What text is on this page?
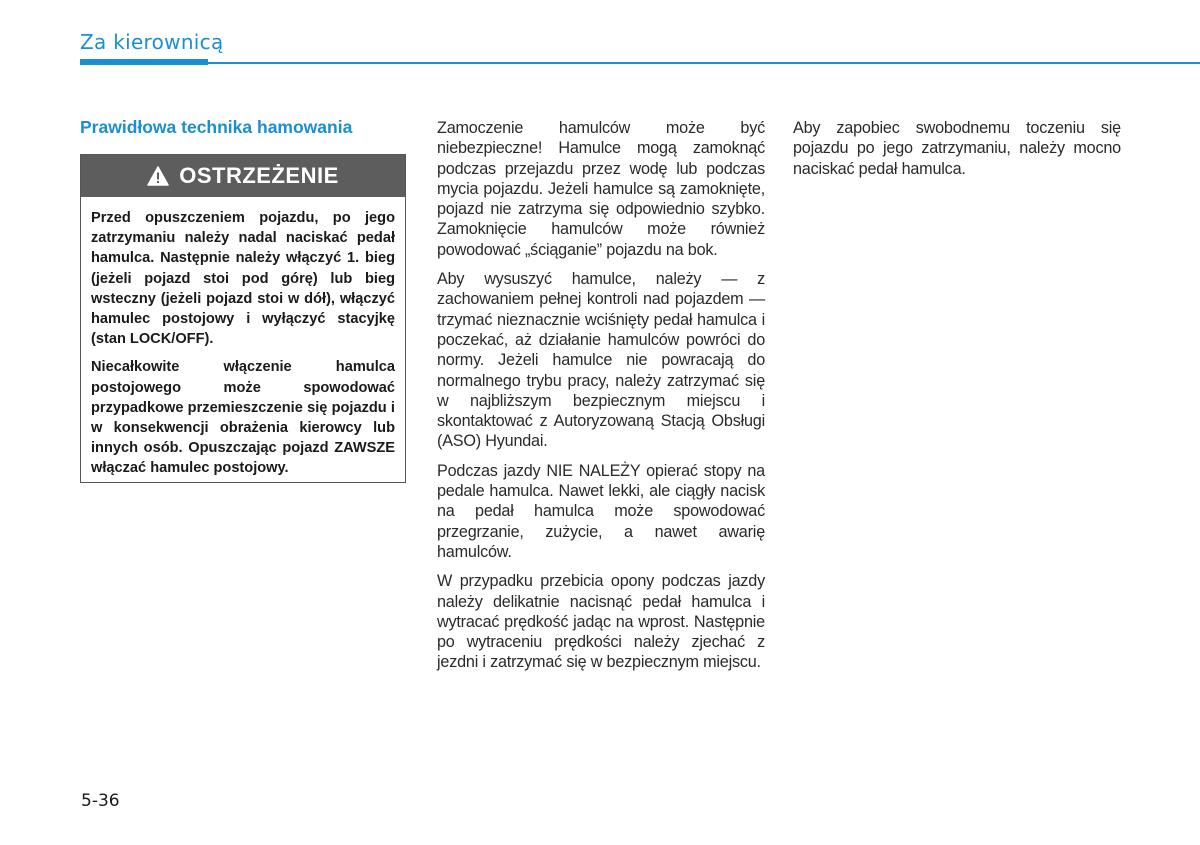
Za kierownicą
Prawidłowa technika hamowania
OSTRZEŻENIE

Przed opuszczeniem pojazdu, po jego zatrzymaniu należy nadal naciskać pedał hamulca. Następnie należy włączyć 1. bieg (jeżeli pojazd stoi pod górę) lub bieg wsteczny (jeżeli pojazd stoi w dół), włączyć hamulec postojowy i wyłączyć stacyjkę (stan LOCK/OFF).

Niecałkowite włączenie hamulca postojowego może spowodować przypadkowe przemieszczenie się pojazdu i w konsekwencji obrażenia kierowcy lub innych osób. Opuszczając pojazd ZAWSZE włączać hamulec postojowy.

Zamoczenie hamulców może być niebezpieczne! Hamulce mogą zamoknąć podczas przejazdu przez wodę lub podczas mycia pojazdu. Jeżeli hamulce są zamoknięte, pojazd nie zatrzyma się odpowiednio szybko. Zamoknięcie hamulców może również powodować „ściąganie” pojazdu na bok.

Aby wysuszyć hamulce, należy — z zachowaniem pełnej kontroli nad pojazdem — trzymać nieznacznie wciśnięty pedał hamulca i poczekać, aż działanie hamulców powróci do normy. Jeżeli hamulce nie powracają do normalnego trybu pracy, należy zatrzymać się w najbliższym bezpiecznym miejscu i skontaktować z Autoryzowaną Stacją Obsługi (ASO) Hyundai.

Podczas jazdy NIE NALEŻY opierać stopy na pedale hamulca. Nawet lekki, ale ciągły nacisk na pedał hamulca może spowodować przegrzanie, zużycie, a nawet awarię hamulców.

W przypadku przebicia opony podczas jazdy należy delikatnie nacisnąć pedał hamulca i wytracać prędkość jadąc na wprost. Następnie po wytraceniu prędkości należy zjechać z jezdni i zatrzymać się w bezpiecznym miejscu.

Aby zapobiec swobodnemu toczeniu się pojazdu po jego zatrzymaniu, należy mocno naciskać pedał hamulca.

5-36
